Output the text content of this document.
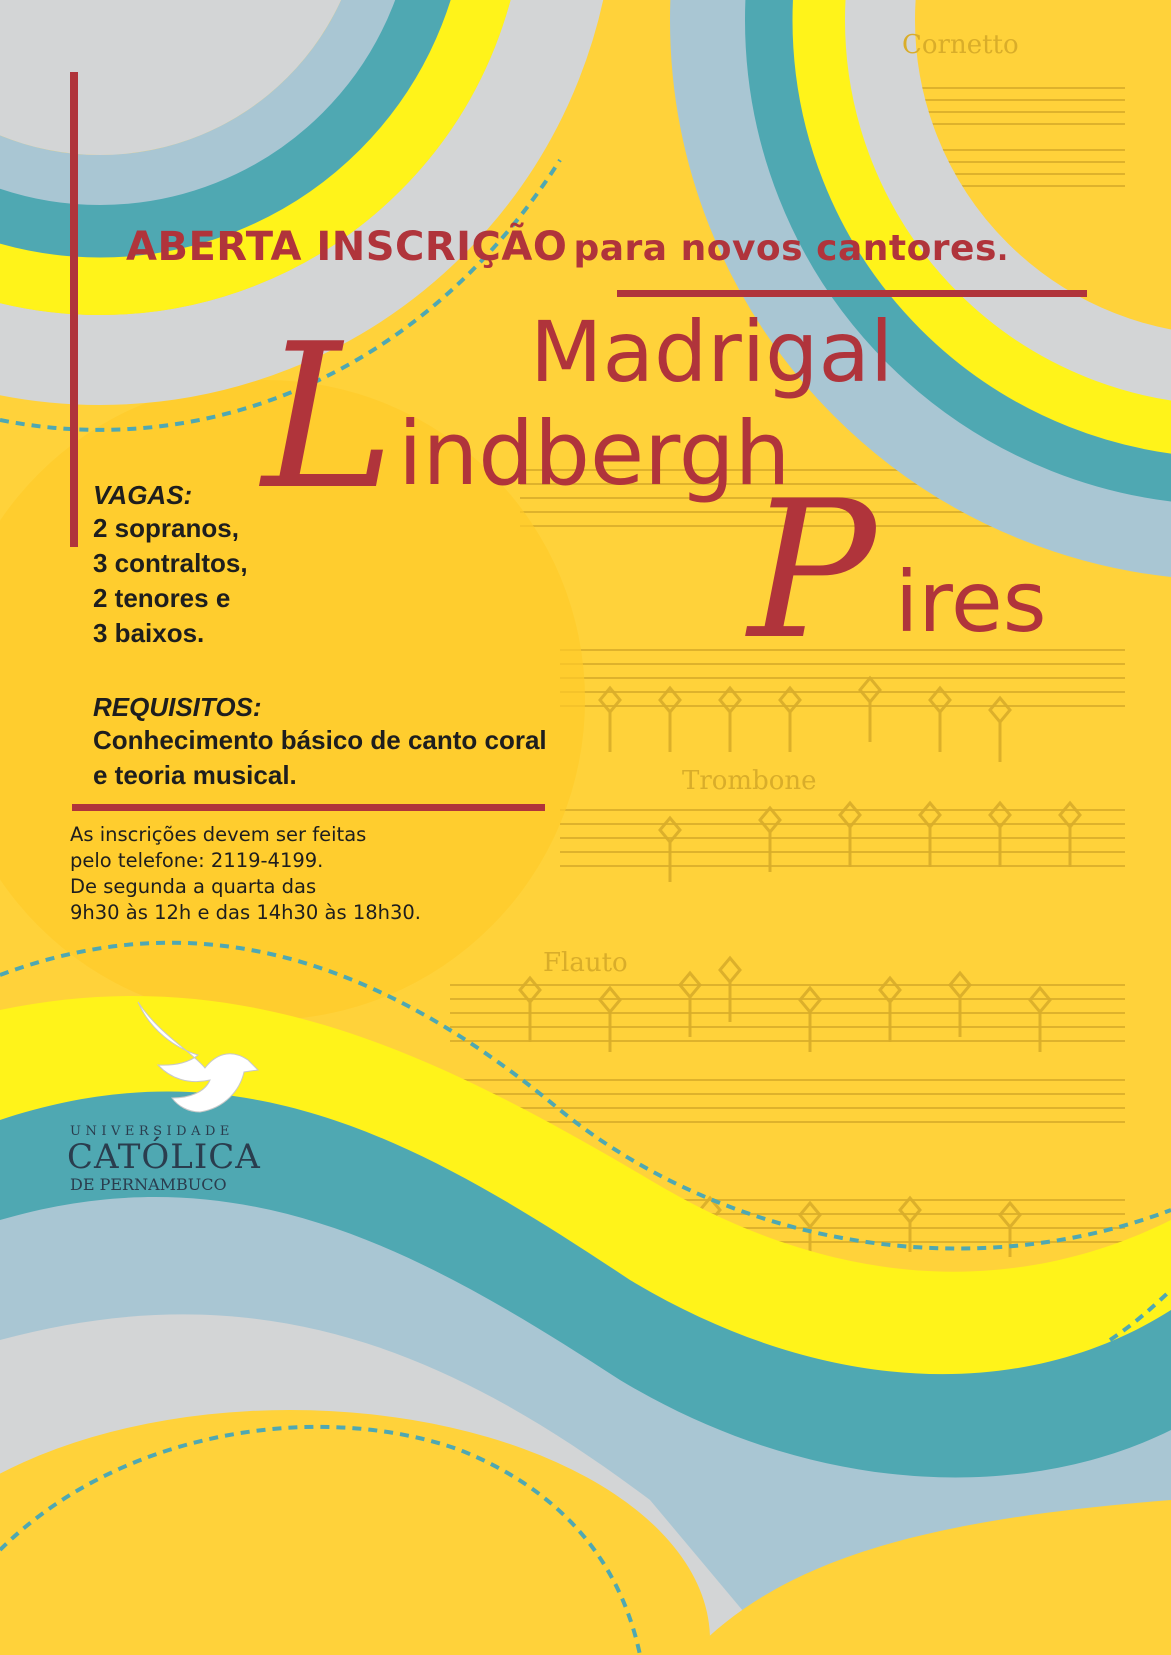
ABERTA INSCRIÇÃO para novos cantores.
Madrigal
L indbergh
P ires
VAGAS:
2 sopranos,
3 contraltos,
2 tenores e
3 baixos.
REQUISITOS:
Conhecimento básico de canto coral
e teoria musical.
As inscrições devem ser feitas
pelo telefone: 2119-4199.
De segunda a quarta das
9h30 às 12h e das 14h30 às 18h30.
Cornetto
Trombone
Flauto
UNIVERSIDADE
CATÓLICA
DE PERNAMBUCO
